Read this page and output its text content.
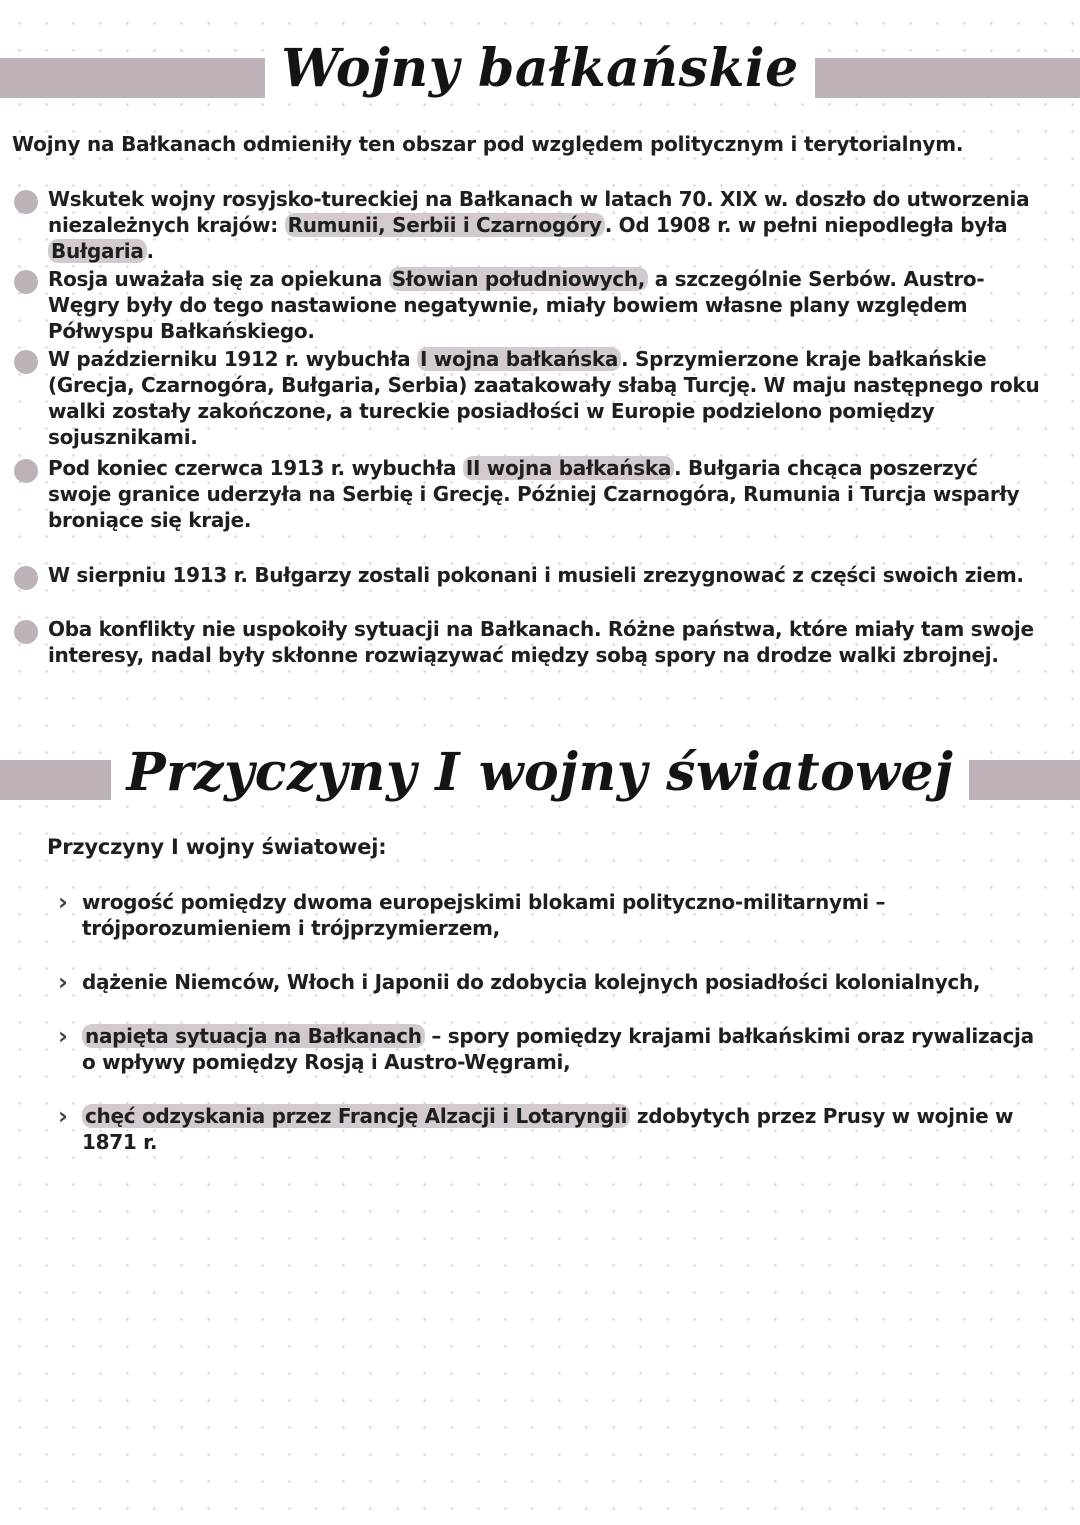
Wojny bałkańskie

Wojny na Bałkanach odmieniły ten obszar pod względem politycznym i terytorialnym.

Wskutek wojny rosyjsko-tureckiej na Bałkanach w latach 70. XIX w. doszło do utworzenia niezależnych krajów: Rumunii, Serbii i Czarnogóry . Od 1908 r. w pełni niepodległa była Bułgaria .
Rosja uważała się za opiekuna Słowian południowych, a szczególnie Serbów. Austro-Węgry były do tego nastawione negatywnie, miały bowiem własne plany względem Półwyspu Bałkańskiego.
W październiku 1912 r. wybuchła I wojna bałkańska . Sprzymierzone kraje bałkańskie (Grecja, Czarnogóra, Bułgaria, Serbia) zaatakowały słabą Turcję. W maju następnego roku walki zostały zakończone, a tureckie posiadłości w Europie podzielono pomiędzy sojusznikami.
Pod koniec czerwca 1913 r. wybuchła II wojna bałkańska . Bułgaria chcąca poszerzyć swoje granice uderzyła na Serbię i Grecję. Później Czarnogóra, Rumunia i Turcja wsparły broniące się kraje.
W sierpniu 1913 r. Bułgarzy zostali pokonani i musieli zrezygnować z części swoich ziem.
Oba konflikty nie uspokoiły sytuacji na Bałkanach. Różne państwa, które miały tam swoje interesy, nadal były skłonne rozwiązywać między sobą spory na drodze walki zbrojnej.
Przyczyny I wojny światowej

Przyczyny I wojny światowej:

› wrogość pomiędzy dwoma europejskimi blokami polityczno-militarnymi – trójporozumieniem i trójprzymierzem,
› dążenie Niemców, Włoch i Japonii do zdobycia kolejnych posiadłości kolonialnych,
› napięta sytuacja na Bałkanach – spory pomiędzy krajami bałkańskimi oraz rywalizacja o wpływy pomiędzy Rosją i Austro-Węgrami,
› chęć odzyskania przez Francję Alzacji i Lotaryngii zdobytych przez Prusy w wojnie w 1871 r.
